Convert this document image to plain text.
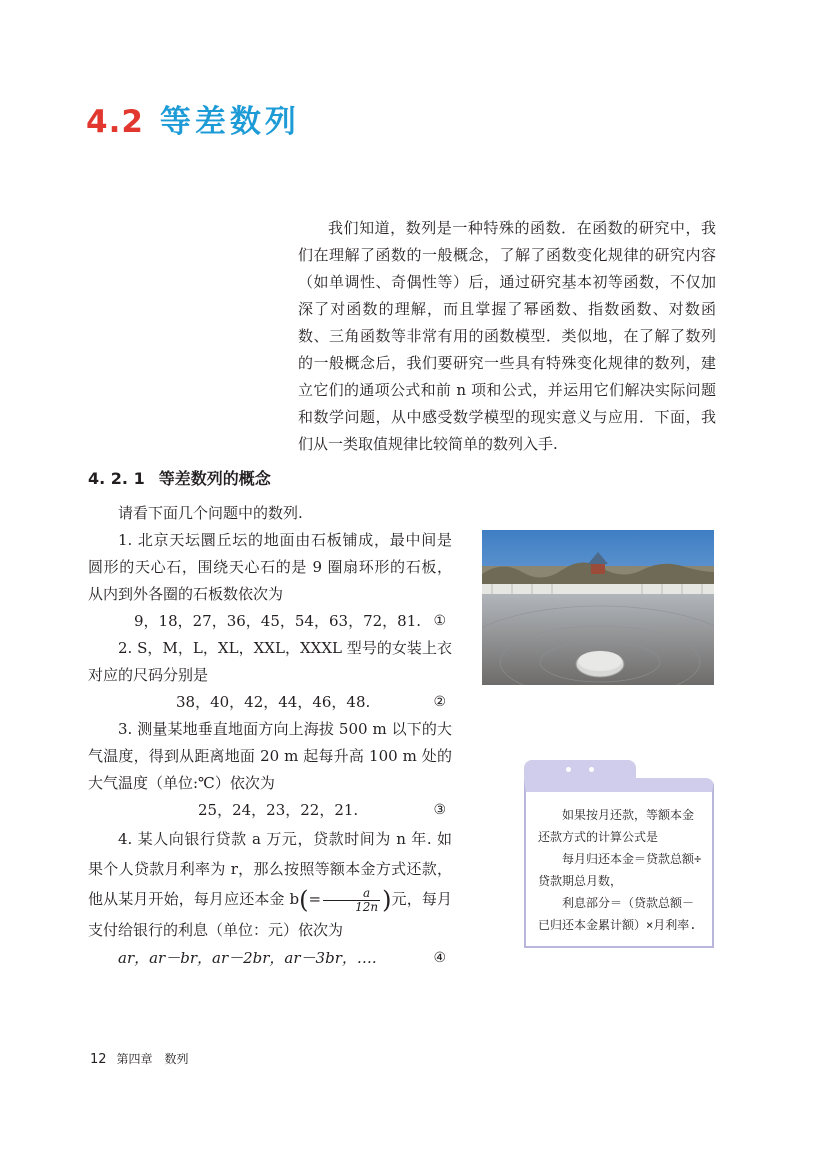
4.2 等差数列

我们知道，数列是一种特殊的函数．在函数的研究中，我们在理解了函数的一般概念，了解了函数变化规律的研究内容（如单调性、奇偶性等）后，通过研究基本初等函数，不仅加深了对函数的理解，而且掌握了幂函数、指数函数、对数函数、三角函数等非常有用的函数模型．类似地，在了解了数列的一般概念后，我们要研究一些具有特殊变化规律的数列，建立它们的通项公式和前 n 项和公式，并运用它们解决实际问题和数学问题，从中感受数学模型的现实意义与应用．下面，我们从一类取值规律比较简单的数列入手.

4. 2. 1 等差数列的概念

请看下面几个问题中的数列.

1. 北京天坛圜丘坛的地面由石板铺成，最中间是圆形的天心石，围绕天心石的是 9 圈扇环形的石板，从内到外各圈的石板数依次为

9，18，27，36，45，54，63，72，81. ①

2. S，M，L，XL，XXL，XXXL 型号的女装上衣对应的尺码分别是

38，40，42，44，46，48.	②

3. 测量某地垂直地面方向上海拔 500 m 以下的大气温度，得到从距离地面 20 m 起每升高 100 m 处的大气温度（单位:℃）依次为

25，24，23，22，21.	③

4. 某人向银行贷款 a 万元，贷款时间为 n 年. 如果个人贷款月利率为 r，那么按照等额本金方式还款，他从某月开始，每月应还本金 $b(= \frac{a}{12n}$ )元，每月支付给银行的利息（单位：元）依次为

ar，ar－br，ar－2br，ar－3br，….	④

如果按月还款，等额本金还款方式的计算公式是

每月归还本金＝贷款总额÷贷款期总月数，

利息部分＝（贷款总额－已归还本金累计额）×月利率.

12 第四章　数列
